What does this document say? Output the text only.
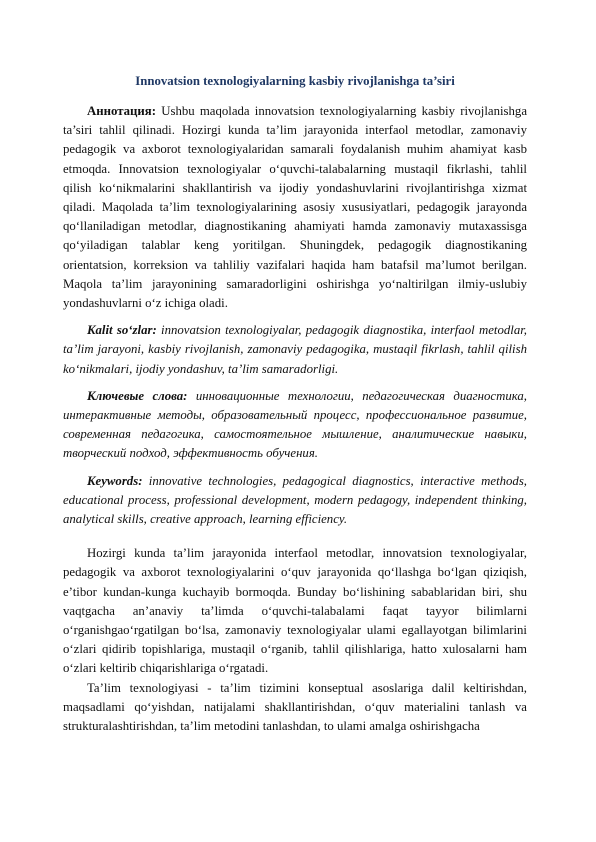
Innovatsion texnologiyalarning kasbiy rivojlanishga ta’siri

Аннотация: Ushbu maqolada innovatsion texnologiyalarning kasbiy rivojlanishga ta’siri tahlil qilinadi. Hozirgi kunda ta’lim jarayonida interfaol metodlar, zamonaviy pedagogik va axborot texnologiyalaridan samarali foydalanish muhim ahamiyat kasb etmoqda. Innovatsion texnologiyalar o‘quvchi-talabalarning mustaqil fikrlashi, tahlil qilish ko‘nikmalarini shakllantirish va ijodiy yondashuvlarini rivojlantirishga xizmat qiladi. Maqolada ta’lim texnologiyalarining asosiy xususiyatlari, pedagogik jarayonda qo‘llaniladigan metodlar, diagnostikaning ahamiyati hamda zamonaviy mutaxassisga qo‘yiladigan talablar keng yoritilgan. Shuningdek, pedagogik diagnostikaning orientatsion, korreksion va tahliliy vazifalari haqida ham batafsil ma’lumot berilgan. Maqola ta’lim jarayonining samaradorligini oshirishga yo‘naltirilgan ilmiy-uslubiy yondashuvlarni o‘z ichiga oladi.

Kalit so‘zlar: innovatsion texnologiyalar, pedagogik diagnostika, interfaol metodlar, ta’lim jarayoni, kasbiy rivojlanish, zamonaviy pedagogika, mustaqil fikrlash, tahlil qilish ko‘nikmalari, ijodiy yondashuv, ta’lim samaradorligi.

Ключевые слова: инновационные технологии, педагогическая диагностика, интерактивные методы, образовательный процесс, профессиональное развитие, современная педагогика, самостоятельное мышление, аналитические навыки, творческий подход, эффективность обучения.

Keywords: innovative technologies, pedagogical diagnostics, interactive methods, educational process, professional development, modern pedagogy, independent thinking, analytical skills, creative approach, learning efficiency.

Hozirgi kunda ta’lim jarayonida interfaol metodlar, innovatsion texnologiyalar, pedagogik va axborot texnologiyalarini o‘quv jarayonida qo‘llashga bo‘lgan qiziqish, e’tibor kundan-kunga kuchayib bormoqda. Bunday bo‘lishining sabablaridan biri, shu vaqtgacha an’anaviy ta’limda o‘quvchi-talabalami faqat tayyor bilimlarni o‘rganishgao‘rgatilgan bo‘lsa, zamonaviy texnologiyalar ulami egallayotgan bilimlarini o‘zlari qidirib topishlariga, mustaqil o‘rganib, tahlil qilishlariga, hatto xulosalarni ham o‘zlari keltirib chiqarishlariga o‘rgatadi.

Ta’lim texnologiyasi - ta’lim tizimini konseptual asoslariga dalil keltirishdan, maqsadlami qo‘yishdan, natijalami shakllantirishdan, o‘quv materialini tanlash va strukturalashtirishdan, ta’lim metodini tanlashdan, to ulami amalga oshirishgacha
